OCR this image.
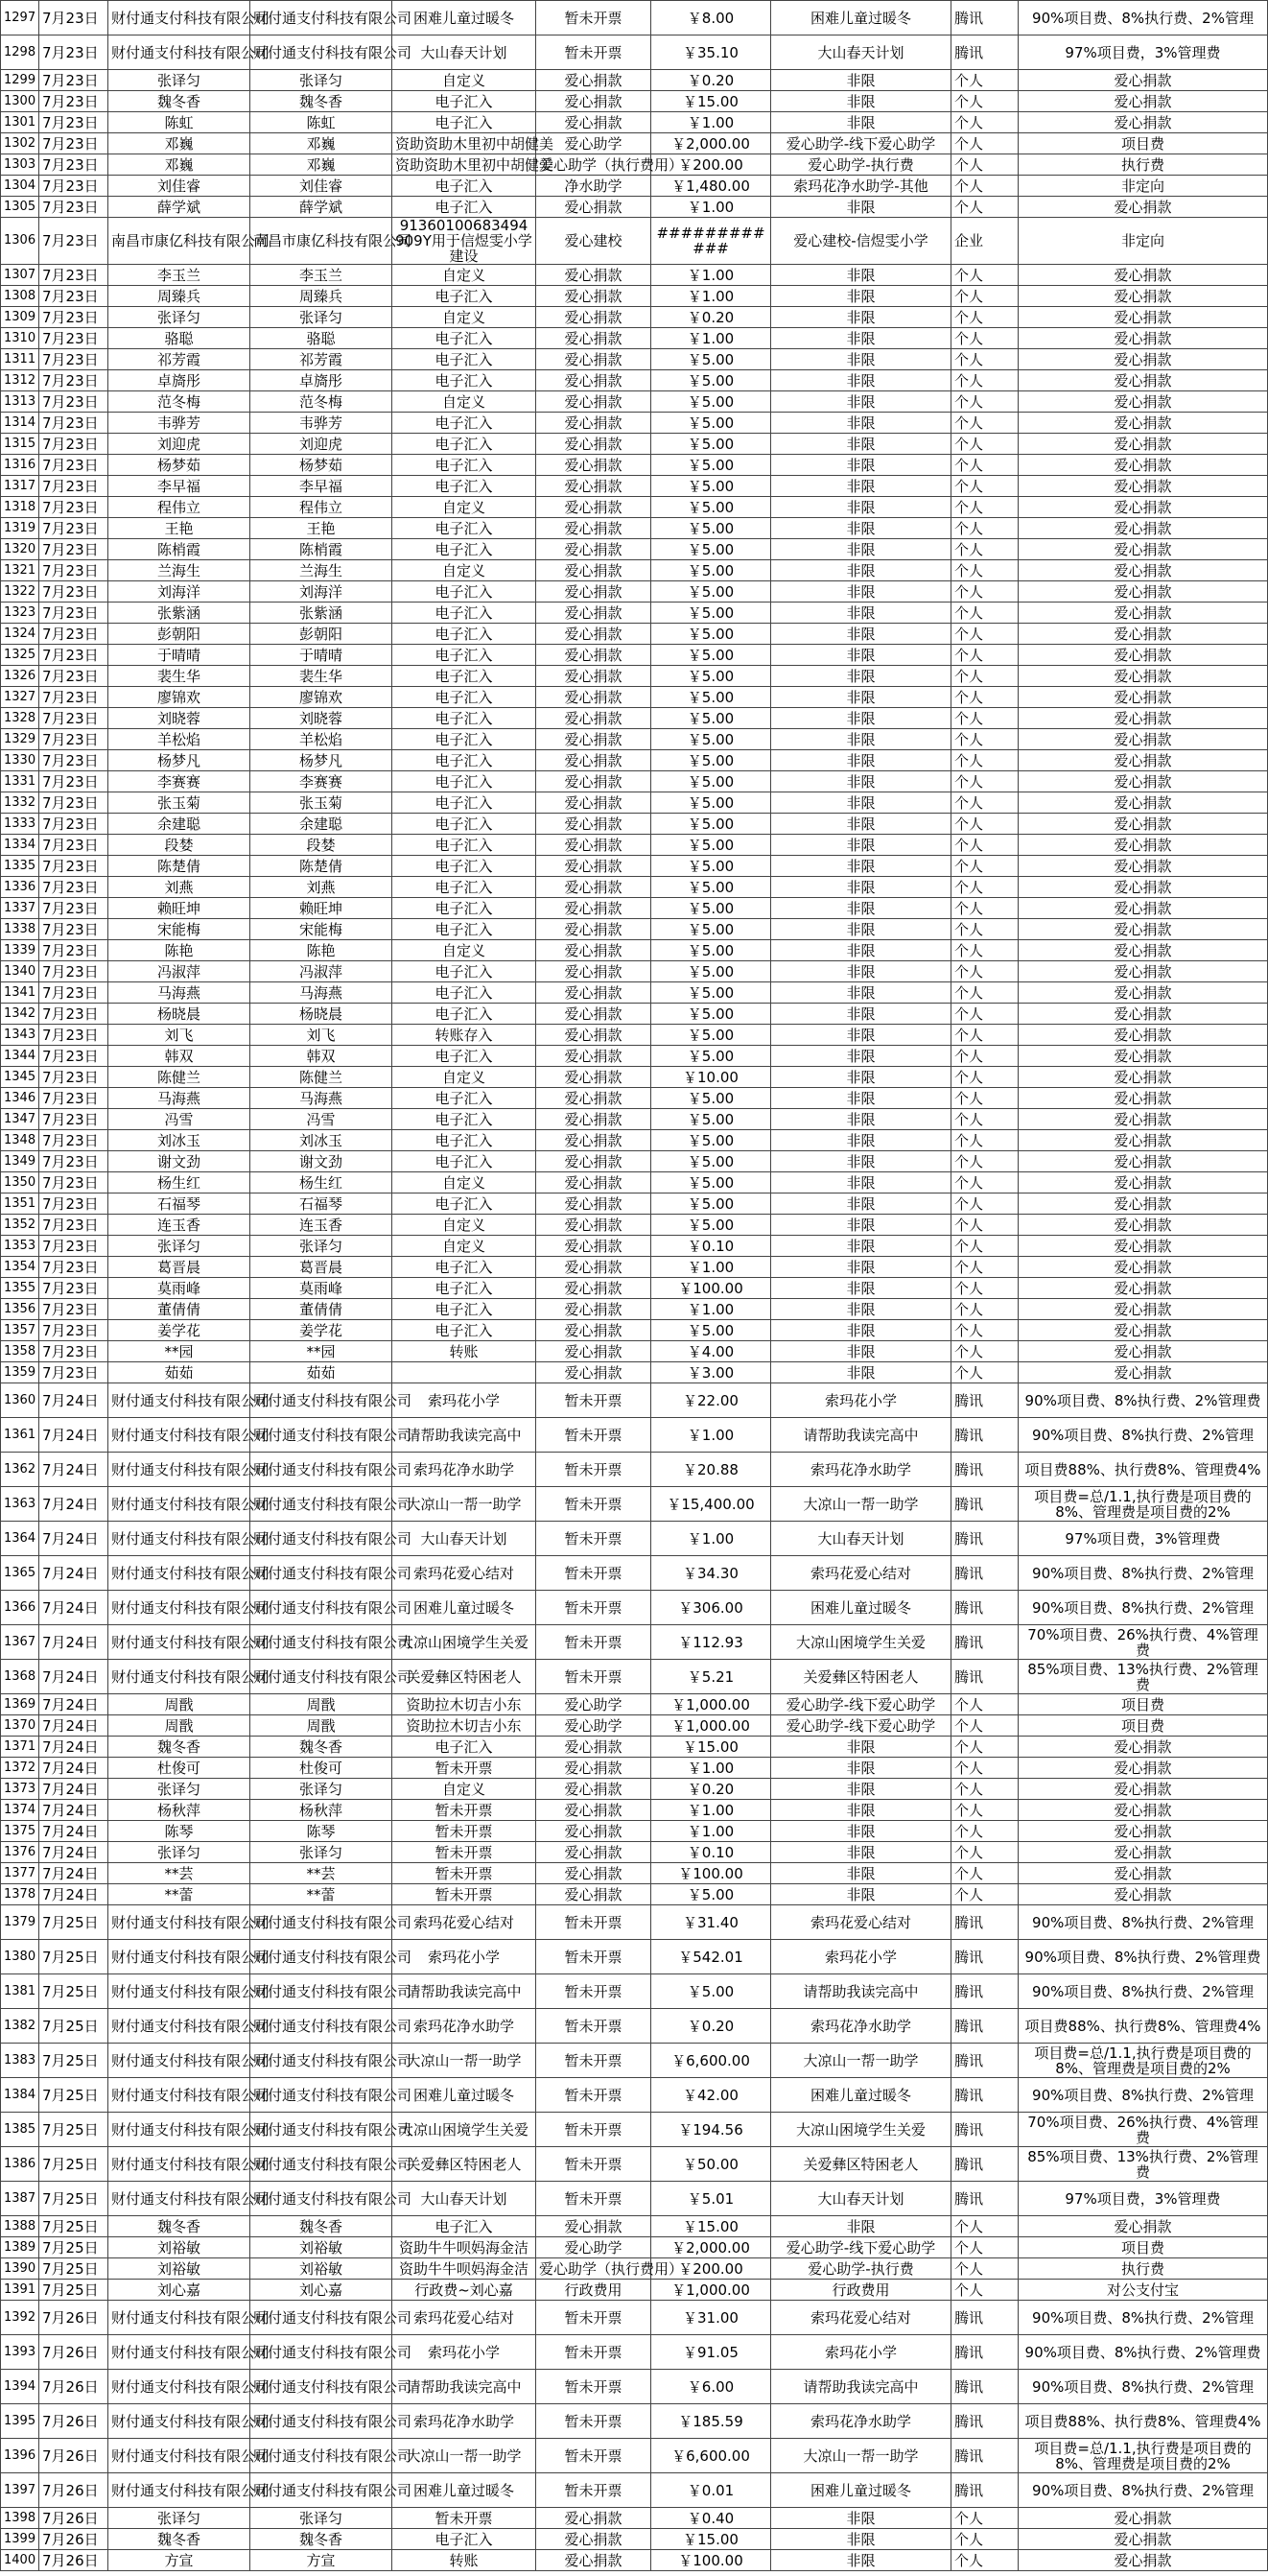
1297	7月23日	财付通支付科技有限公司	财付通支付科技有限公司	困难儿童过暖冬	暂未开票	￥8.00	困难儿童过暖冬	腾讯	90%项目费、8%执行费、2%管理
1298	7月23日	财付通支付科技有限公司	财付通支付科技有限公司	大山春天计划	暂未开票	￥35.10	大山春天计划	腾讯	97%项目费，3%管理费
1299	7月23日	张译匀	张译匀	自定义	爱心捐款	￥0.20	非限	个人	爱心捐款
1300	7月23日	魏冬香	魏冬香	电子汇入	爱心捐款	￥15.00	非限	个人	爱心捐款
1301	7月23日	陈虹	陈虹	电子汇入	爱心捐款	￥1.00	非限	个人	爱心捐款
1302	7月23日	邓巍	邓巍	资助资助木里初中胡健美	爱心助学	￥2,000.00	爱心助学-线下爱心助学	个人	项目费
1303	7月23日	邓巍	邓巍	资助资助木里初中胡健美	爱心助学（执行费用）	￥200.00	爱心助学-执行费	个人	执行费
1304	7月23日	刘佳睿	刘佳睿	电子汇入	净水助学	￥1,480.00	索玛花净水助学-其他	个人	非定向
1305	7月23日	薛学斌	薛学斌	电子汇入	爱心捐款	￥1.00	非限	个人	爱心捐款
1306	7月23日	南昌市康亿科技有限公司	南昌市康亿科技有限公司	91360100683494909Y用于信煜雯小学建设	爱心建校	############	爱心建校-信煜雯小学	企业	非定向
1307	7月23日	李玉兰	李玉兰	自定义	爱心捐款	￥1.00	非限	个人	爱心捐款
1308	7月23日	周臻兵	周臻兵	电子汇入	爱心捐款	￥1.00	非限	个人	爱心捐款
1309	7月23日	张译匀	张译匀	自定义	爱心捐款	￥0.20	非限	个人	爱心捐款
1310	7月23日	骆聪	骆聪	电子汇入	爱心捐款	￥1.00	非限	个人	爱心捐款
1311	7月23日	祁芳霞	祁芳霞	电子汇入	爱心捐款	￥5.00	非限	个人	爱心捐款
1312	7月23日	卓旖彤	卓旖彤	电子汇入	爱心捐款	￥5.00	非限	个人	爱心捐款
1313	7月23日	范冬梅	范冬梅	自定义	爱心捐款	￥5.00	非限	个人	爱心捐款
1314	7月23日	韦骅芳	韦骅芳	电子汇入	爱心捐款	￥5.00	非限	个人	爱心捐款
1315	7月23日	刘迎虎	刘迎虎	电子汇入	爱心捐款	￥5.00	非限	个人	爱心捐款
1316	7月23日	杨梦茹	杨梦茹	电子汇入	爱心捐款	￥5.00	非限	个人	爱心捐款
1317	7月23日	李早福	李早福	电子汇入	爱心捐款	￥5.00	非限	个人	爱心捐款
1318	7月23日	程伟立	程伟立	自定义	爱心捐款	￥5.00	非限	个人	爱心捐款
1319	7月23日	王艳	王艳	电子汇入	爱心捐款	￥5.00	非限	个人	爱心捐款
1320	7月23日	陈梢霞	陈梢霞	电子汇入	爱心捐款	￥5.00	非限	个人	爱心捐款
1321	7月23日	兰海生	兰海生	自定义	爱心捐款	￥5.00	非限	个人	爱心捐款
1322	7月23日	刘海洋	刘海洋	电子汇入	爱心捐款	￥5.00	非限	个人	爱心捐款
1323	7月23日	张紫涵	张紫涵	电子汇入	爱心捐款	￥5.00	非限	个人	爱心捐款
1324	7月23日	彭朝阳	彭朝阳	电子汇入	爱心捐款	￥5.00	非限	个人	爱心捐款
1325	7月23日	于晴晴	于晴晴	电子汇入	爱心捐款	￥5.00	非限	个人	爱心捐款
1326	7月23日	裴生华	裴生华	电子汇入	爱心捐款	￥5.00	非限	个人	爱心捐款
1327	7月23日	廖锦欢	廖锦欢	电子汇入	爱心捐款	￥5.00	非限	个人	爱心捐款
1328	7月23日	刘晓蓉	刘晓蓉	电子汇入	爱心捐款	￥5.00	非限	个人	爱心捐款
1329	7月23日	羊松焰	羊松焰	电子汇入	爱心捐款	￥5.00	非限	个人	爱心捐款
1330	7月23日	杨梦凡	杨梦凡	电子汇入	爱心捐款	￥5.00	非限	个人	爱心捐款
1331	7月23日	李赛赛	李赛赛	电子汇入	爱心捐款	￥5.00	非限	个人	爱心捐款
1332	7月23日	张玉菊	张玉菊	电子汇入	爱心捐款	￥5.00	非限	个人	爱心捐款
1333	7月23日	余建聪	余建聪	电子汇入	爱心捐款	￥5.00	非限	个人	爱心捐款
1334	7月23日	段婪	段婪	电子汇入	爱心捐款	￥5.00	非限	个人	爱心捐款
1335	7月23日	陈楚倩	陈楚倩	电子汇入	爱心捐款	￥5.00	非限	个人	爱心捐款
1336	7月23日	刘燕	刘燕	电子汇入	爱心捐款	￥5.00	非限	个人	爱心捐款
1337	7月23日	赖旺坤	赖旺坤	电子汇入	爱心捐款	￥5.00	非限	个人	爱心捐款
1338	7月23日	宋能梅	宋能梅	电子汇入	爱心捐款	￥5.00	非限	个人	爱心捐款
1339	7月23日	陈艳	陈艳	自定义	爱心捐款	￥5.00	非限	个人	爱心捐款
1340	7月23日	冯淑萍	冯淑萍	电子汇入	爱心捐款	￥5.00	非限	个人	爱心捐款
1341	7月23日	马海燕	马海燕	电子汇入	爱心捐款	￥5.00	非限	个人	爱心捐款
1342	7月23日	杨晓晨	杨晓晨	电子汇入	爱心捐款	￥5.00	非限	个人	爱心捐款
1343	7月23日	刘飞	刘飞	转账存入	爱心捐款	￥5.00	非限	个人	爱心捐款
1344	7月23日	韩双	韩双	电子汇入	爱心捐款	￥5.00	非限	个人	爱心捐款
1345	7月23日	陈健兰	陈健兰	自定义	爱心捐款	￥10.00	非限	个人	爱心捐款
1346	7月23日	马海燕	马海燕	电子汇入	爱心捐款	￥5.00	非限	个人	爱心捐款
1347	7月23日	冯雪	冯雪	电子汇入	爱心捐款	￥5.00	非限	个人	爱心捐款
1348	7月23日	刘冰玉	刘冰玉	电子汇入	爱心捐款	￥5.00	非限	个人	爱心捐款
1349	7月23日	谢文劲	谢文劲	电子汇入	爱心捐款	￥5.00	非限	个人	爱心捐款
1350	7月23日	杨生红	杨生红	自定义	爱心捐款	￥5.00	非限	个人	爱心捐款
1351	7月23日	石福琴	石福琴	电子汇入	爱心捐款	￥5.00	非限	个人	爱心捐款
1352	7月23日	连玉香	连玉香	自定义	爱心捐款	￥5.00	非限	个人	爱心捐款
1353	7月23日	张译匀	张译匀	自定义	爱心捐款	￥0.10	非限	个人	爱心捐款
1354	7月23日	葛晋晨	葛晋晨	电子汇入	爱心捐款	￥1.00	非限	个人	爱心捐款
1355	7月23日	莫雨峰	莫雨峰	电子汇入	爱心捐款	￥100.00	非限	个人	爱心捐款
1356	7月23日	董倩倩	董倩倩	电子汇入	爱心捐款	￥1.00	非限	个人	爱心捐款
1357	7月23日	姜学花	姜学花	电子汇入	爱心捐款	￥5.00	非限	个人	爱心捐款
1358	7月23日	**园	**园	转账	爱心捐款	￥4.00	非限	个人	爱心捐款
1359	7月23日	茹茹	茹茹		爱心捐款	￥3.00	非限	个人	爱心捐款
1360	7月24日	财付通支付科技有限公司	财付通支付科技有限公司	索玛花小学	暂未开票	￥22.00	索玛花小学	腾讯	90%项目费、8%执行费、2%管理费
1361	7月24日	财付通支付科技有限公司	财付通支付科技有限公司	请帮助我读完高中	暂未开票	￥1.00	请帮助我读完高中	腾讯	90%项目费、8%执行费、2%管理
1362	7月24日	财付通支付科技有限公司	财付通支付科技有限公司	索玛花净水助学	暂未开票	￥20.88	索玛花净水助学	腾讯	项目费88%、执行费8%、管理费4%
1363	7月24日	财付通支付科技有限公司	财付通支付科技有限公司	大凉山一帮一助学	暂未开票	￥15,400.00	大凉山一帮一助学	腾讯	项目费=总/1.1,执行费是项目费的8%、管理费是项目费的2%
1364	7月24日	财付通支付科技有限公司	财付通支付科技有限公司	大山春天计划	暂未开票	￥1.00	大山春天计划	腾讯	97%项目费，3%管理费
1365	7月24日	财付通支付科技有限公司	财付通支付科技有限公司	索玛花爱心结对	暂未开票	￥34.30	索玛花爱心结对	腾讯	90%项目费、8%执行费、2%管理
1366	7月24日	财付通支付科技有限公司	财付通支付科技有限公司	困难儿童过暖冬	暂未开票	￥306.00	困难儿童过暖冬	腾讯	90%项目费、8%执行费、2%管理
1367	7月24日	财付通支付科技有限公司	财付通支付科技有限公司	大凉山困境学生关爱	暂未开票	￥112.93	大凉山困境学生关爱	腾讯	70%项目费、26%执行费、4%管理费
1368	7月24日	财付通支付科技有限公司	财付通支付科技有限公司	关爱彝区特困老人	暂未开票	￥5.21	关爱彝区特困老人	腾讯	85%项目费、13%执行费、2%管理费
1369	7月24日	周戬	周戬	资助拉木切吉小东	爱心助学	￥1,000.00	爱心助学-线下爱心助学	个人	项目费
1370	7月24日	周戬	周戬	资助拉木切吉小东	爱心助学	￥1,000.00	爱心助学-线下爱心助学	个人	项目费
1371	7月24日	魏冬香	魏冬香	电子汇入	爱心捐款	￥15.00	非限	个人	爱心捐款
1372	7月24日	杜俊可	杜俊可	暂未开票	爱心捐款	￥1.00	非限	个人	爱心捐款
1373	7月24日	张译匀	张译匀	自定义	爱心捐款	￥0.20	非限	个人	爱心捐款
1374	7月24日	杨秋萍	杨秋萍	暂未开票	爱心捐款	￥1.00	非限	个人	爱心捐款
1375	7月24日	陈琴	陈琴	暂未开票	爱心捐款	￥1.00	非限	个人	爱心捐款
1376	7月24日	张译匀	张译匀	暂未开票	爱心捐款	￥0.10	非限	个人	爱心捐款
1377	7月24日	**芸	**芸	暂未开票	爱心捐款	￥100.00	非限	个人	爱心捐款
1378	7月24日	**蕾	**蕾	暂未开票	爱心捐款	￥5.00	非限	个人	爱心捐款
1379	7月25日	财付通支付科技有限公司	财付通支付科技有限公司	索玛花爱心结对	暂未开票	￥31.40	索玛花爱心结对	腾讯	90%项目费、8%执行费、2%管理
1380	7月25日	财付通支付科技有限公司	财付通支付科技有限公司	索玛花小学	暂未开票	￥542.01	索玛花小学	腾讯	90%项目费、8%执行费、2%管理费
1381	7月25日	财付通支付科技有限公司	财付通支付科技有限公司	请帮助我读完高中	暂未开票	￥5.00	请帮助我读完高中	腾讯	90%项目费、8%执行费、2%管理
1382	7月25日	财付通支付科技有限公司	财付通支付科技有限公司	索玛花净水助学	暂未开票	￥0.20	索玛花净水助学	腾讯	项目费88%、执行费8%、管理费4%
1383	7月25日	财付通支付科技有限公司	财付通支付科技有限公司	大凉山一帮一助学	暂未开票	￥6,600.00	大凉山一帮一助学	腾讯	项目费=总/1.1,执行费是项目费的8%、管理费是项目费的2%
1384	7月25日	财付通支付科技有限公司	财付通支付科技有限公司	困难儿童过暖冬	暂未开票	￥42.00	困难儿童过暖冬	腾讯	90%项目费、8%执行费、2%管理
1385	7月25日	财付通支付科技有限公司	财付通支付科技有限公司	大凉山困境学生关爱	暂未开票	￥194.56	大凉山困境学生关爱	腾讯	70%项目费、26%执行费、4%管理费
1386	7月25日	财付通支付科技有限公司	财付通支付科技有限公司	关爱彝区特困老人	暂未开票	￥50.00	关爱彝区特困老人	腾讯	85%项目费、13%执行费、2%管理费
1387	7月25日	财付通支付科技有限公司	财付通支付科技有限公司	大山春天计划	暂未开票	￥5.01	大山春天计划	腾讯	97%项目费，3%管理费
1388	7月25日	魏冬香	魏冬香	电子汇入	爱心捐款	￥15.00	非限	个人	爱心捐款
1389	7月25日	刘裕敏	刘裕敏	资助牛牛呗妈海金洁	爱心助学	￥2,000.00	爱心助学-线下爱心助学	个人	项目费
1390	7月25日	刘裕敏	刘裕敏	资助牛牛呗妈海金洁	爱心助学（执行费用）	￥200.00	爱心助学-执行费	个人	执行费
1391	7月25日	刘心嘉	刘心嘉	行政费~刘心嘉	行政费用	￥1,000.00	行政费用	个人	对公支付宝
1392	7月26日	财付通支付科技有限公司	财付通支付科技有限公司	索玛花爱心结对	暂未开票	￥31.00	索玛花爱心结对	腾讯	90%项目费、8%执行费、2%管理
1393	7月26日	财付通支付科技有限公司	财付通支付科技有限公司	索玛花小学	暂未开票	￥91.05	索玛花小学	腾讯	90%项目费、8%执行费、2%管理费
1394	7月26日	财付通支付科技有限公司	财付通支付科技有限公司	请帮助我读完高中	暂未开票	￥6.00	请帮助我读完高中	腾讯	90%项目费、8%执行费、2%管理
1395	7月26日	财付通支付科技有限公司	财付通支付科技有限公司	索玛花净水助学	暂未开票	￥185.59	索玛花净水助学	腾讯	项目费88%、执行费8%、管理费4%
1396	7月26日	财付通支付科技有限公司	财付通支付科技有限公司	大凉山一帮一助学	暂未开票	￥6,600.00	大凉山一帮一助学	腾讯	项目费=总/1.1,执行费是项目费的8%、管理费是项目费的2%
1397	7月26日	财付通支付科技有限公司	财付通支付科技有限公司	困难儿童过暖冬	暂未开票	￥0.01	困难儿童过暖冬	腾讯	90%项目费、8%执行费、2%管理
1398	7月26日	张译匀	张译匀	暂未开票	爱心捐款	￥0.40	非限	个人	爱心捐款
1399	7月26日	魏冬香	魏冬香	电子汇入	爱心捐款	￥15.00	非限	个人	爱心捐款
1400	7月26日	方宣	方宣	转账	爱心捐款	￥100.00	非限	个人	爱心捐款
